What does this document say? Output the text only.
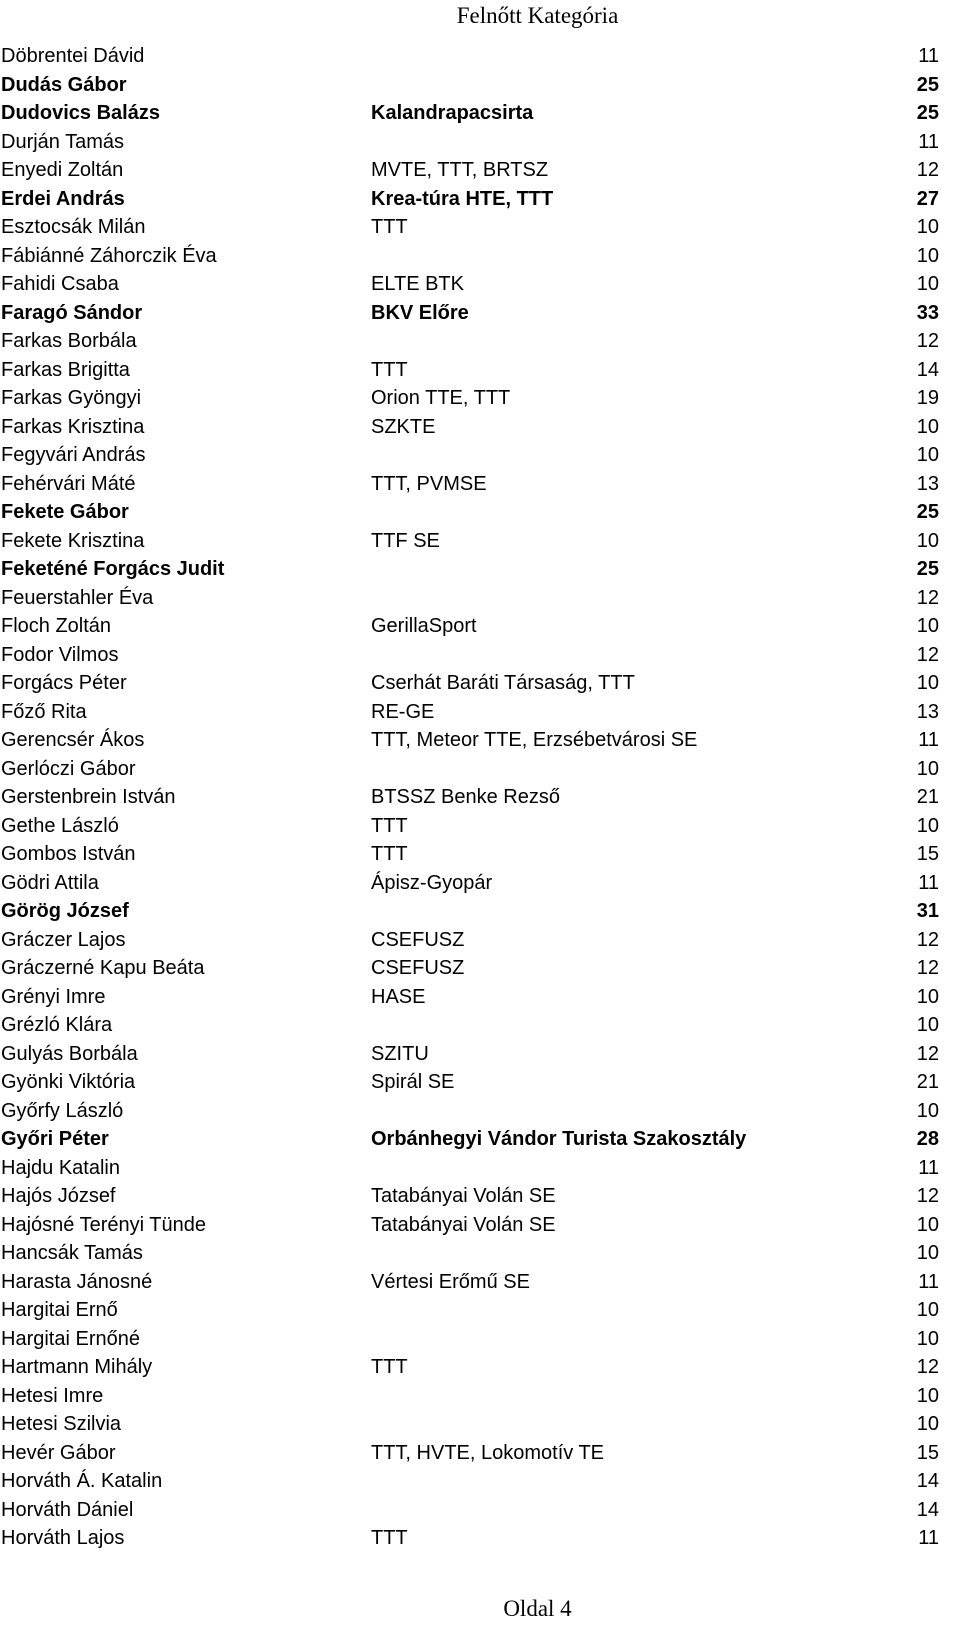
Felnőtt Kategória
Döbrentei Dávid	11
Dudás Gábor	25
Dudovics Balázs	Kalandrapacsirta	25
Durján Tamás	11
Enyedi Zoltán	MVTE, TTT, BRTSZ	12
Erdei András	Krea-túra HTE, TTT	27
Esztocsák Milán	TTT	10
Fábiánné Záhorczik Éva	10
Fahidi Csaba	ELTE BTK	10
Faragó Sándor	BKV Előre	33
Farkas Borbála	12
Farkas Brigitta	TTT	14
Farkas Gyöngyi	Orion TTE, TTT	19
Farkas Krisztina	SZKTE	10
Fegyvári András	10
Fehérvári Máté	TTT, PVMSE	13
Fekete Gábor	25
Fekete Krisztina	TTF SE	10
Feketéné Forgács Judit	25
Feuerstahler Éva	12
Floch Zoltán	GerillaSport	10
Fodor Vilmos	12
Forgács Péter	Cserhát Baráti Társaság, TTT	10
Főző Rita	RE-GE	13
Gerencsér Ákos	TTT, Meteor TTE, Erzsébetvárosi SE	11
Gerlóczi Gábor	10
Gerstenbrein István	BTSSZ Benke Rezső	21
Gethe László	TTT	10
Gombos István	TTT	15
Gödri Attila	Ápisz-Gyopár	11
Görög József	31
Gráczer Lajos	CSEFUSZ	12
Gráczerné Kapu Beáta	CSEFUSZ	12
Grényi Imre	HASE	10
Grézló Klára	10
Gulyás Borbála	SZITU	12
Gyönki Viktória	Spirál SE	21
Győrfy László	10
Győri Péter	Orbánhegyi Vándor Turista Szakosztály	28
Hajdu Katalin	11
Hajós József	Tatabányai Volán SE	12
Hajósné Terényi Tünde	Tatabányai Volán SE	10
Hancsák Tamás	10
Harasta Jánosné	Vértesi Erőmű SE	11
Hargitai Ernő	10
Hargitai Ernőné	10
Hartmann Mihály	TTT	12
Hetesi Imre	10
Hetesi Szilvia	10
Hevér Gábor	TTT, HVTE, Lokomotív TE	15
Horváth Á. Katalin	14
Horváth Dániel	14
Horváth Lajos	TTT	11
Oldal 4
